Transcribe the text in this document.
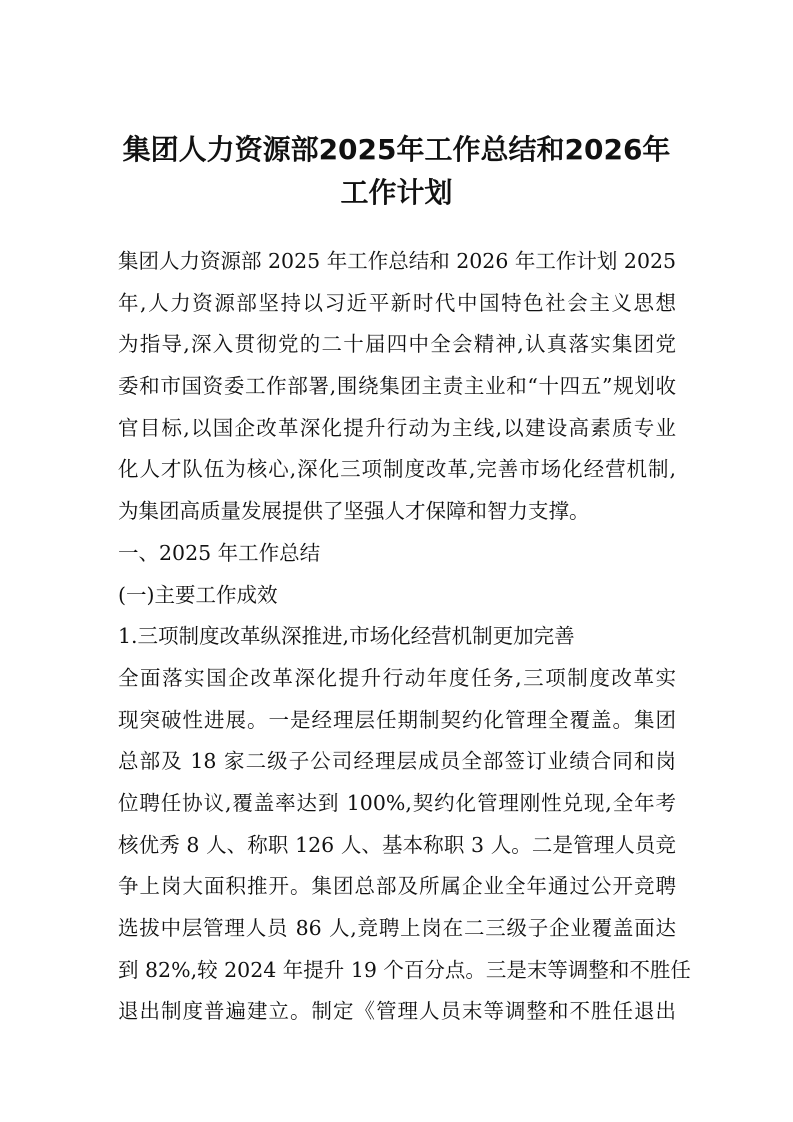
集团人力资源部2025年工作总结和2026年
工作计划
集团人力资源部 2025 年工作总结和 2026 年工作计划 2025
年,人力资源部坚持以习近平新时代中国特色社会主义思想
为指导,深入贯彻党的二十届四中全会精神,认真落实集团党
委和市国资委工作部署,围绕集团主责主业和“十四五”规划收
官目标,以国企改革深化提升行动为主线,以建设高素质专业
化人才队伍为核心,深化三项制度改革,完善市场化经营机制,
为集团高质量发展提供了坚强人才保障和智力支撑。
一、2025 年工作总结
(一)主要工作成效
1.三项制度改革纵深推进,市场化经营机制更加完善
全面落实国企改革深化提升行动年度任务,三项制度改革实
现突破性进展。一是经理层任期制契约化管理全覆盖。集团
总部及 18 家二级子公司经理层成员全部签订业绩合同和岗
位聘任协议,覆盖率达到 100%,契约化管理刚性兑现,全年考
核优秀 8 人、称职 126 人、基本称职 3 人。二是管理人员竞
争上岗大面积推开。集团总部及所属企业全年通过公开竞聘
选拔中层管理人员 86 人,竞聘上岗在二三级子企业覆盖面达
到 82%,较 2024 年提升 19 个百分点。三是末等调整和不胜任
退出制度普遍建立。制定《管理人员末等调整和不胜任退出
